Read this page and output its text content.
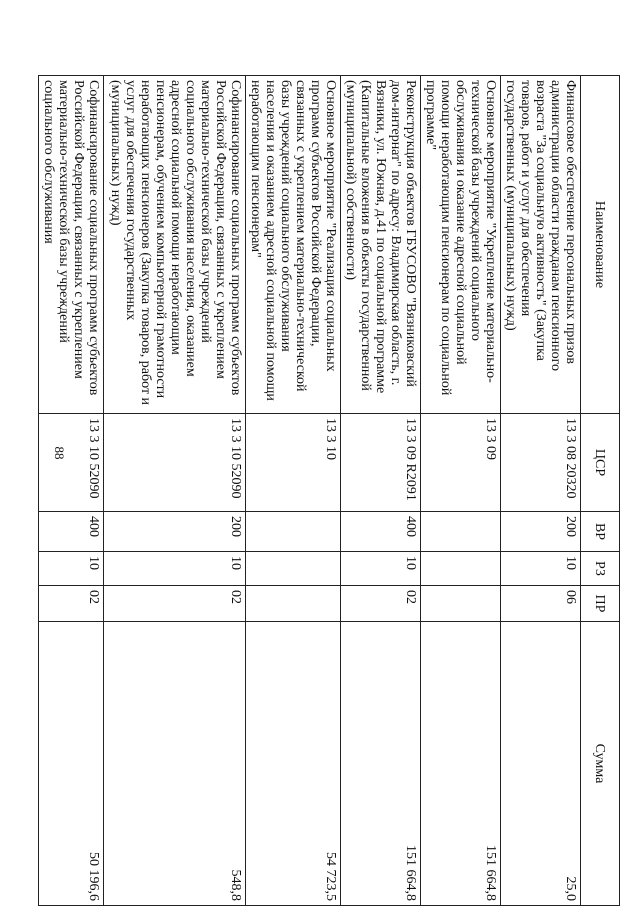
88
Наименование	ЦСР	ВР	РЗ	ПР	Сумма
Финансовое обеспечение персональных призов администрации области гражданам пенсионного возраста "За социальную активность" (Закупка товаров, работ и услуг для обеспечения государственных (муниципальных) нужд)	13 3 08 20320	200	10	06	25,0
Основное мероприятие "Укрепление материально-технической базы учреждений социального обслуживания и оказание адресной социальной помощи неработающим пенсионерам по социальной программе"	13 3 09				151 664,8
Реконструкция объектов ГБУСОВО "Вязниковский дом-интернат" по адресу: Владимирская область, г. Вязники, ул. Южная, д.41 по социальной программе (Капитальные вложения в объекты государственной (муниципальной) собственности)	13 3 09 R2091	400	10	02	151 664,8
Основное мероприятие "Реализация социальных программ субъектов Российской Федерации, связанных с укреплением материально-технической базы учреждений социального обслуживания населения и оказанием адресной социальной помощи неработающим пенсионерам"	13 3 10				54 723,5
Софинансирование социальных программ субъектов Российской Федерации, связанных с укреплением материально-технической базы учреждений социального обслуживания населения, оказанием адресной социальной помощи неработающим пенсионерам, обучением компьютерной грамотности неработающих пенсионеров (Закупка товаров, работ и услуг для обеспечения государственных (муниципальных) нужд)	13 3 10 52090	200	10	02	548,8
Софинансирование социальных программ субъектов Российской Федерации, связанных с укреплением материально-технической базы учреждений социального обслуживания	13 3 10 52090	400	10	02	50 196,6
